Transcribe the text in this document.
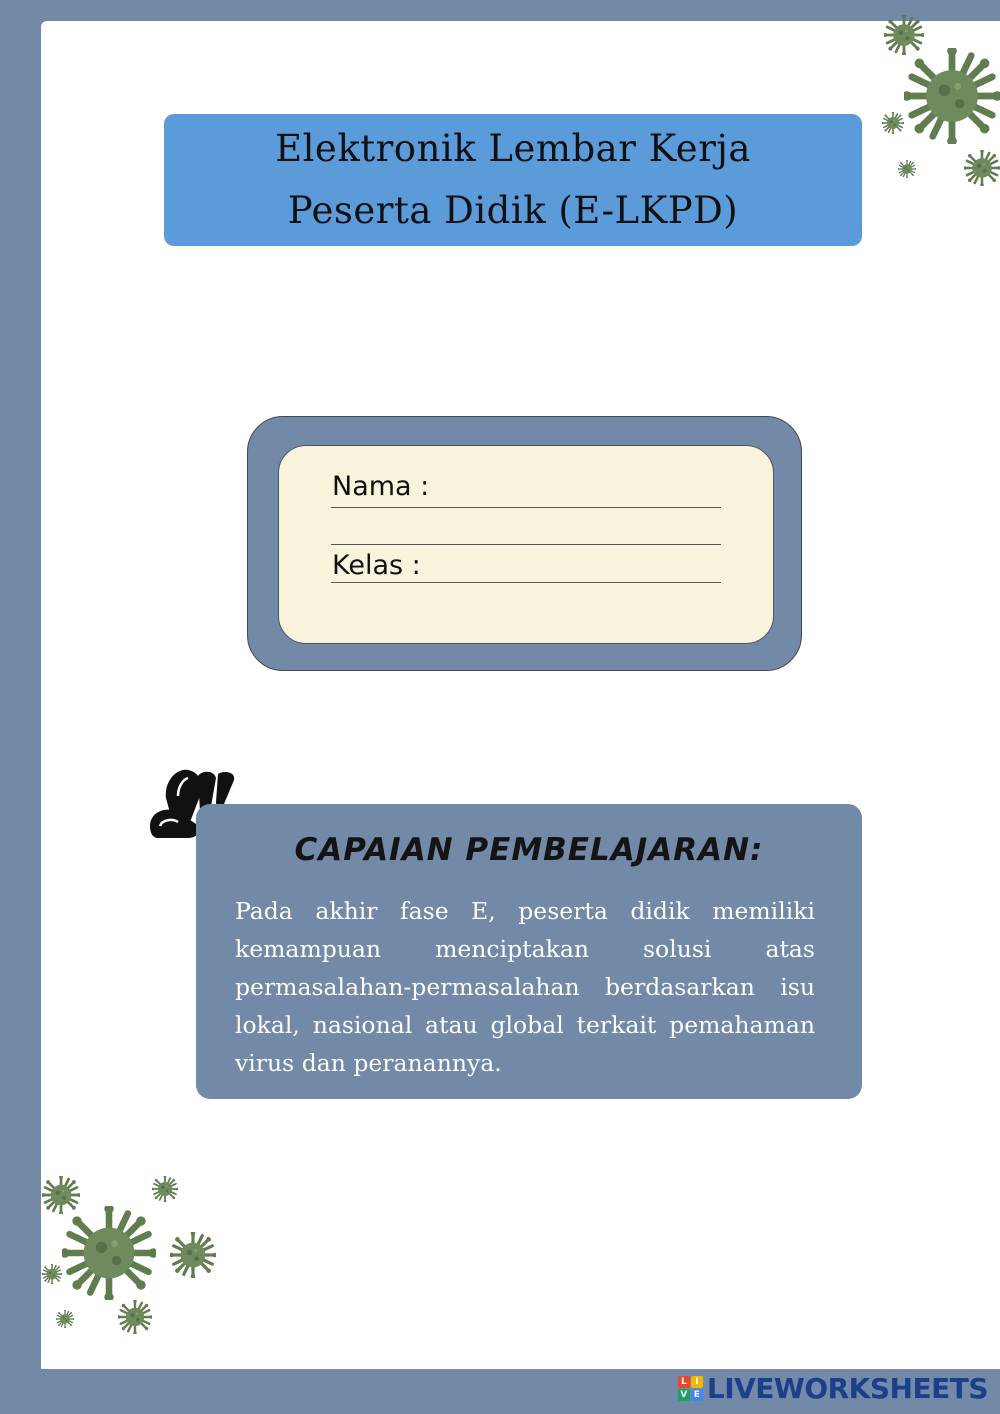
Elektronik Lembar Kerja
Peserta Didik (E-LKPD)
Nama :
Kelas :
CAPAIAN PEMBELAJARAN:
Pada akhir fase E, peserta didik memiliki kemampuan menciptakan solusi atas permasalahan-permasalahan berdasarkan isu lokal, nasional atau global terkait pemahaman virus dan peranannya.
L I
V E LIVEWORKSHEETS
